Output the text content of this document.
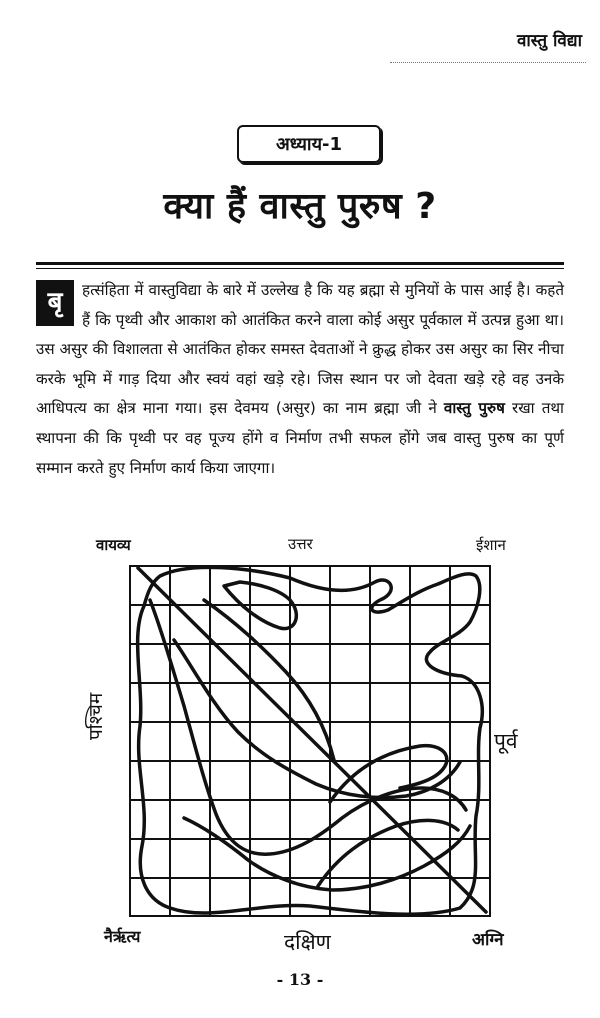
वास्तु विद्या
अध्याय-1
क्या हैं वास्तु पुरुष ?
बृ	हत्संहिता में वास्तुविद्या के बारे में उल्लेख है कि यह ब्रह्मा से मुनियों के पास आई है। कहते हैं कि पृथ्वी और आकाश को आतंकित करने वाला कोई असुर पूर्वकाल में उत्पन्न हुआ था। उस असुर की विशालता से आतंकित होकर समस्त देवताओं ने क्रुद्ध होकर उस असुर का सिर नीचा करके भूमि में गाड़ दिया और स्वयं वहां खड़े रहे। जिस स्थान पर जो देवता खड़े रहे वह उनके आधिपत्य का क्षेत्र माना गया। इस देवमय (असुर) का नाम ब्रह्मा जी ने वास्तु पुरुष रखा तथा स्थापना की कि पृथ्वी पर वह पूज्य होंगे व निर्माण तभी सफल होंगे जब वास्तु पुरुष का पूर्ण सम्मान करते हुए निर्माण कार्य किया जाएगा।
वायव्य	उत्तर	ईशान
पूर्व
पश्चिम
नैर्ऋत्य	दक्षिण	अग्नि
- 13 -
